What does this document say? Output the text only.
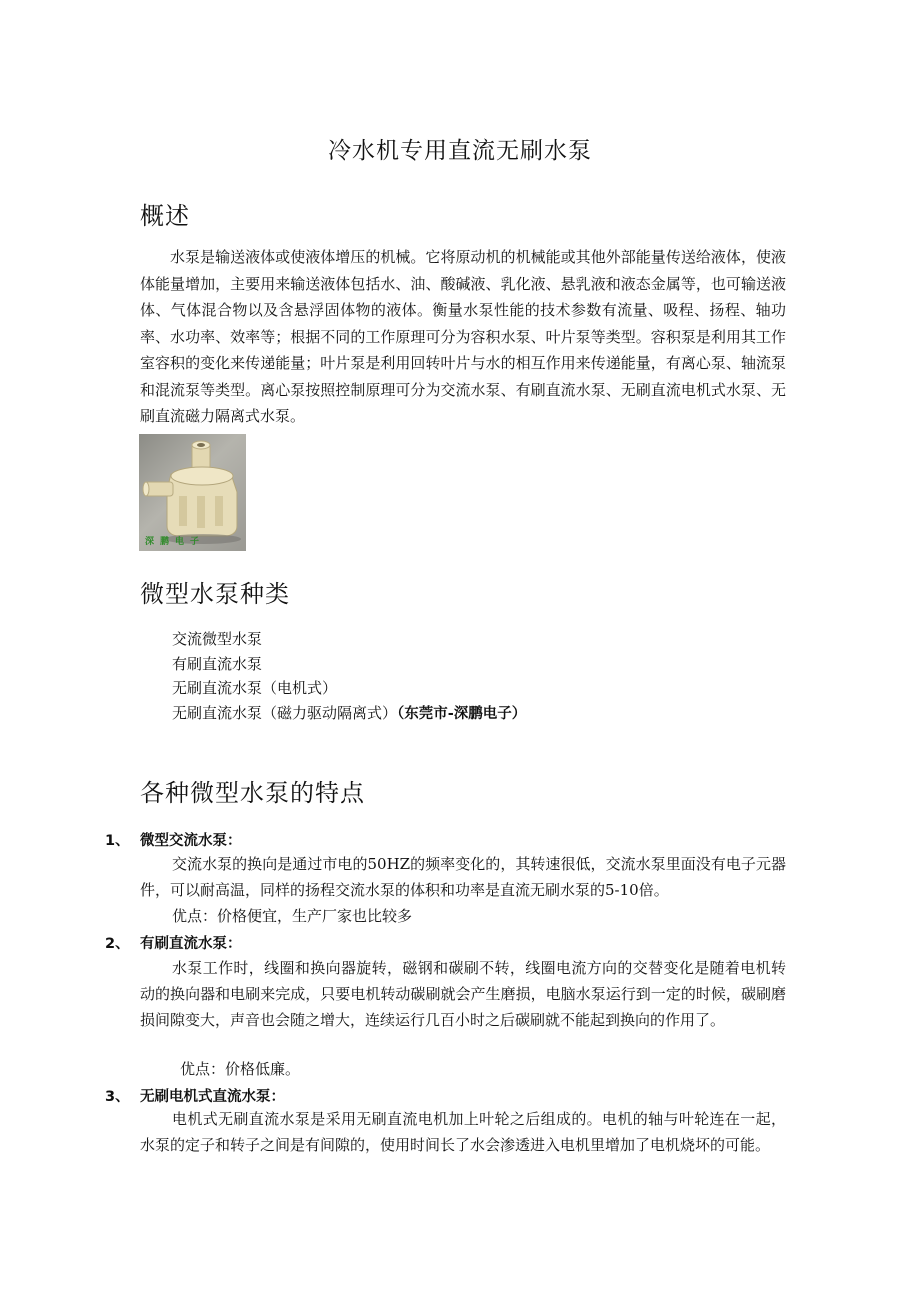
冷水机专用直流无刷水泵
概述

水泵是输送液体或使液体增压的机械。它将原动机的机械能或其他外部能量传送给液体，使液体能量增加，主要用来输送液体包括水、油、酸碱液、乳化液、悬乳液和液态金属等，也可输送液体、气体混合物以及含悬浮固体物的液体。衡量水泵性能的技术参数有流量、吸程、扬程、轴功率、水功率、效率等；根据不同的工作原理可分为容积水泵、叶片泵等类型。容积泵是利用其工作室容积的变化来传递能量；叶片泵是利用回转叶片与水的相互作用来传递能量，有离心泵、轴流泵和混流泵等类型。离心泵按照控制原理可分为交流水泵、有刷直流水泵、无刷直流电机式水泵、无刷直流磁力隔离式水泵。

深鹏电子
微型水泵种类
交流微型水泵
有刷直流水泵
无刷直流水泵（电机式）
无刷直流水泵（磁力驱动隔离式）（东莞市-深鹏电子）
各种微型水泵的特点

1、 微型交流水泵：

交流水泵的换向是通过市电的50HZ的频率变化的，其转速很低，交流水泵里面没有电子元器件，可以耐高温，同样的扬程交流水泵的体积和功率是直流无刷水泵的5-10倍。

优点：价格便宜，生产厂家也比较多

2、 有刷直流水泵：

水泵工作时，线圈和换向器旋转，磁钢和碳刷不转，线圈电流方向的交替变化是随着电机转动的换向器和电刷来完成，只要电机转动碳刷就会产生磨损，电脑水泵运行到一定的时候，碳刷磨损间隙变大，声音也会随之增大，连续运行几百小时之后碳刷就不能起到换向的作用了。

优点：价格低廉。

3、 无刷电机式直流水泵：

电机式无刷直流水泵是采用无刷直流电机加上叶轮之后组成的。电机的轴与叶轮连在一起，水泵的定子和转子之间是有间隙的，使用时间长了水会渗透进入电机里增加了电机烧坏的可能。
